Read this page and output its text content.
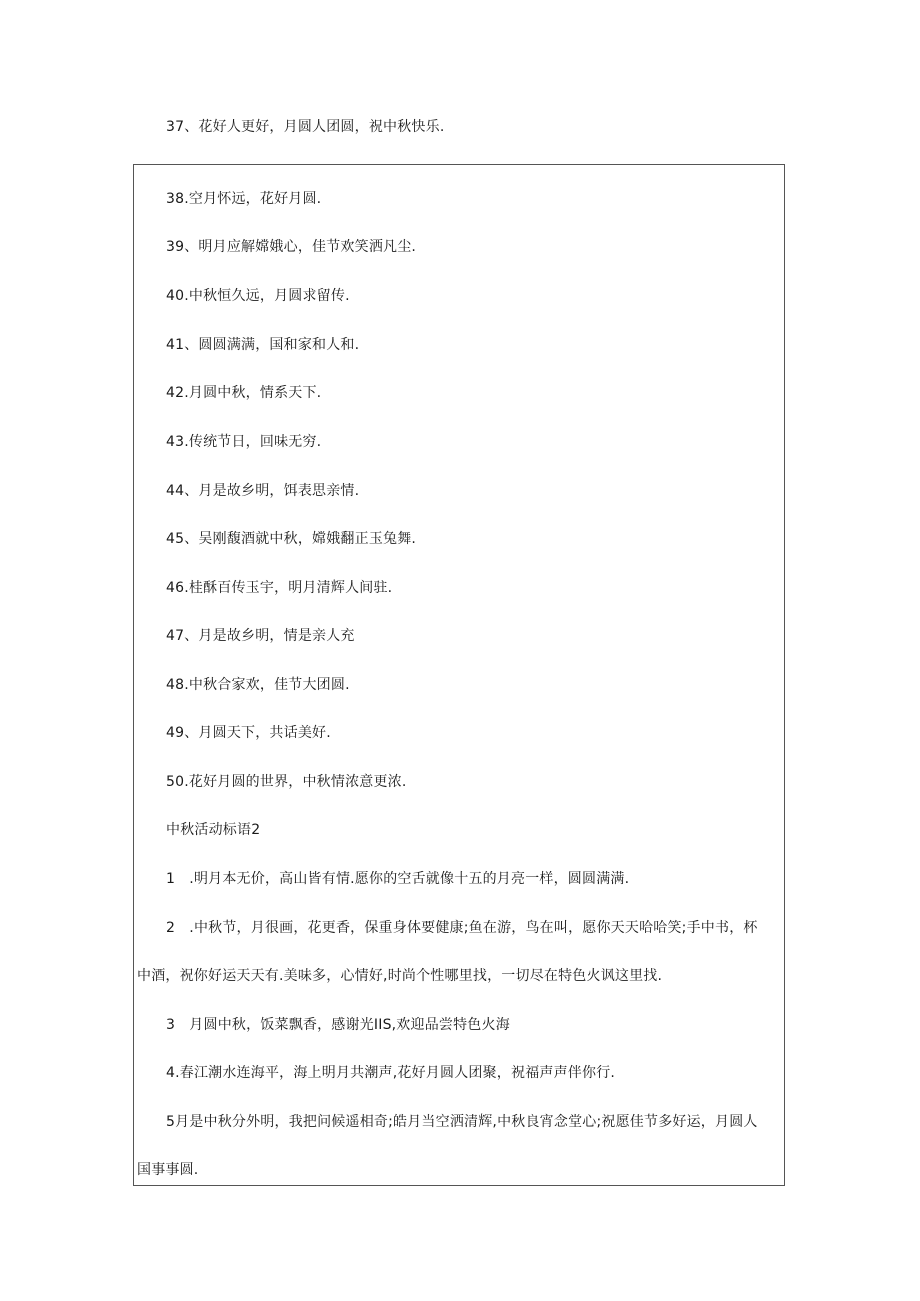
37、花好人更好，月圆人团圆，祝中秋快乐.
38.空月怀远，花好月圆.
39、明月应解嫦娥心，佳节欢笑洒凡尘.
40.中秋恒久远，月圆求留传.
41、圆圆满满，国和家和人和.
42.月圆中秋，情系天下.
43.传统节日，回味无穷.
44、月是故乡明，饵表思亲情.
45、吴刚馥酒就中秋，嫦娥翻正玉兔舞.
46.桂酥百传玉宇，明月清辉人间驻.
47、月是故乡明，情是亲人充
48.中秋合家欢，佳节大团圆.
49、月圆天下，共话美好.
50.花好月圆的世界，中秋情浓意更浓.
中秋活动标语2
1　.明月本无价，高山皆有情.愿你的空舌就像十五的月亮一样，圆圆满满.
2　.中秋节，月很画，花更香，保重身体要健康;鱼在游，鸟在叫，愿你天天哈哈笑;手中书，杯
中酒，祝你好运天天有.美味多，心情好,时尚个性哪里找，一切尽在特色火讽这里找.
3　月圆中秋，饭菜飘香，感谢光IIS,欢迎品尝特色火海
4.春江潮水连海平，海上明月共潮声,花好月圆人团聚，祝福声声伴你行.
5月是中秋分外明，我把问候遥相奇;皓月当空洒清辉,中秋良宵念堂心;祝愿佳节多好运，月圆人
国事事圆.
